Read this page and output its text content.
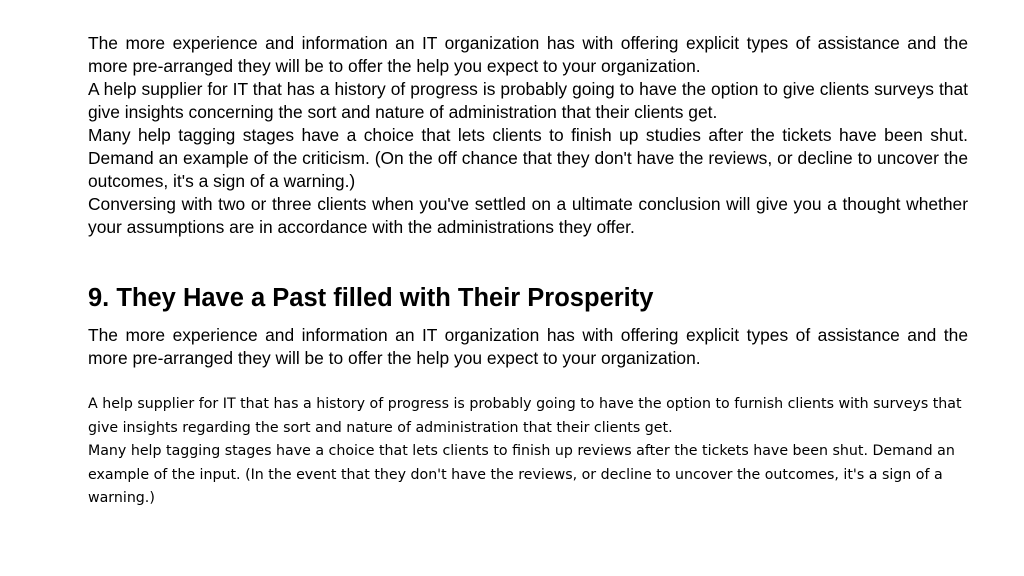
The more experience and information an IT organization has with offering explicit types of assistance and the more pre-arranged they will be to offer the help you expect to your organization.

A help supplier for IT that has a history of progress is probably going to have the option to give clients surveys that give insights concerning the sort and nature of administration that their clients get.

Many help tagging stages have a choice that lets clients to finish up studies after the tickets have been shut. Demand an example of the criticism. (On the off chance that they don't have the reviews, or decline to uncover the outcomes, it's a sign of a warning.)

Conversing with two or three clients when you've settled on a ultimate conclusion will give you a thought whether your assumptions are in accordance with the administrations they offer.

9. They Have a Past filled with Their Prosperity

The more experience and information an IT organization has with offering explicit types of assistance and the more pre-arranged they will be to offer the help you expect to your organization.

A help supplier for IT that has a history of progress is probably going to have the option to furnish clients with surveys that give insights regarding the sort and nature of administration that their clients get.

Many help tagging stages have a choice that lets clients to finish up reviews after the tickets have been shut. Demand an example of the input. (In the event that they don't have the reviews, or decline to uncover the outcomes, it's a sign of a warning.)
